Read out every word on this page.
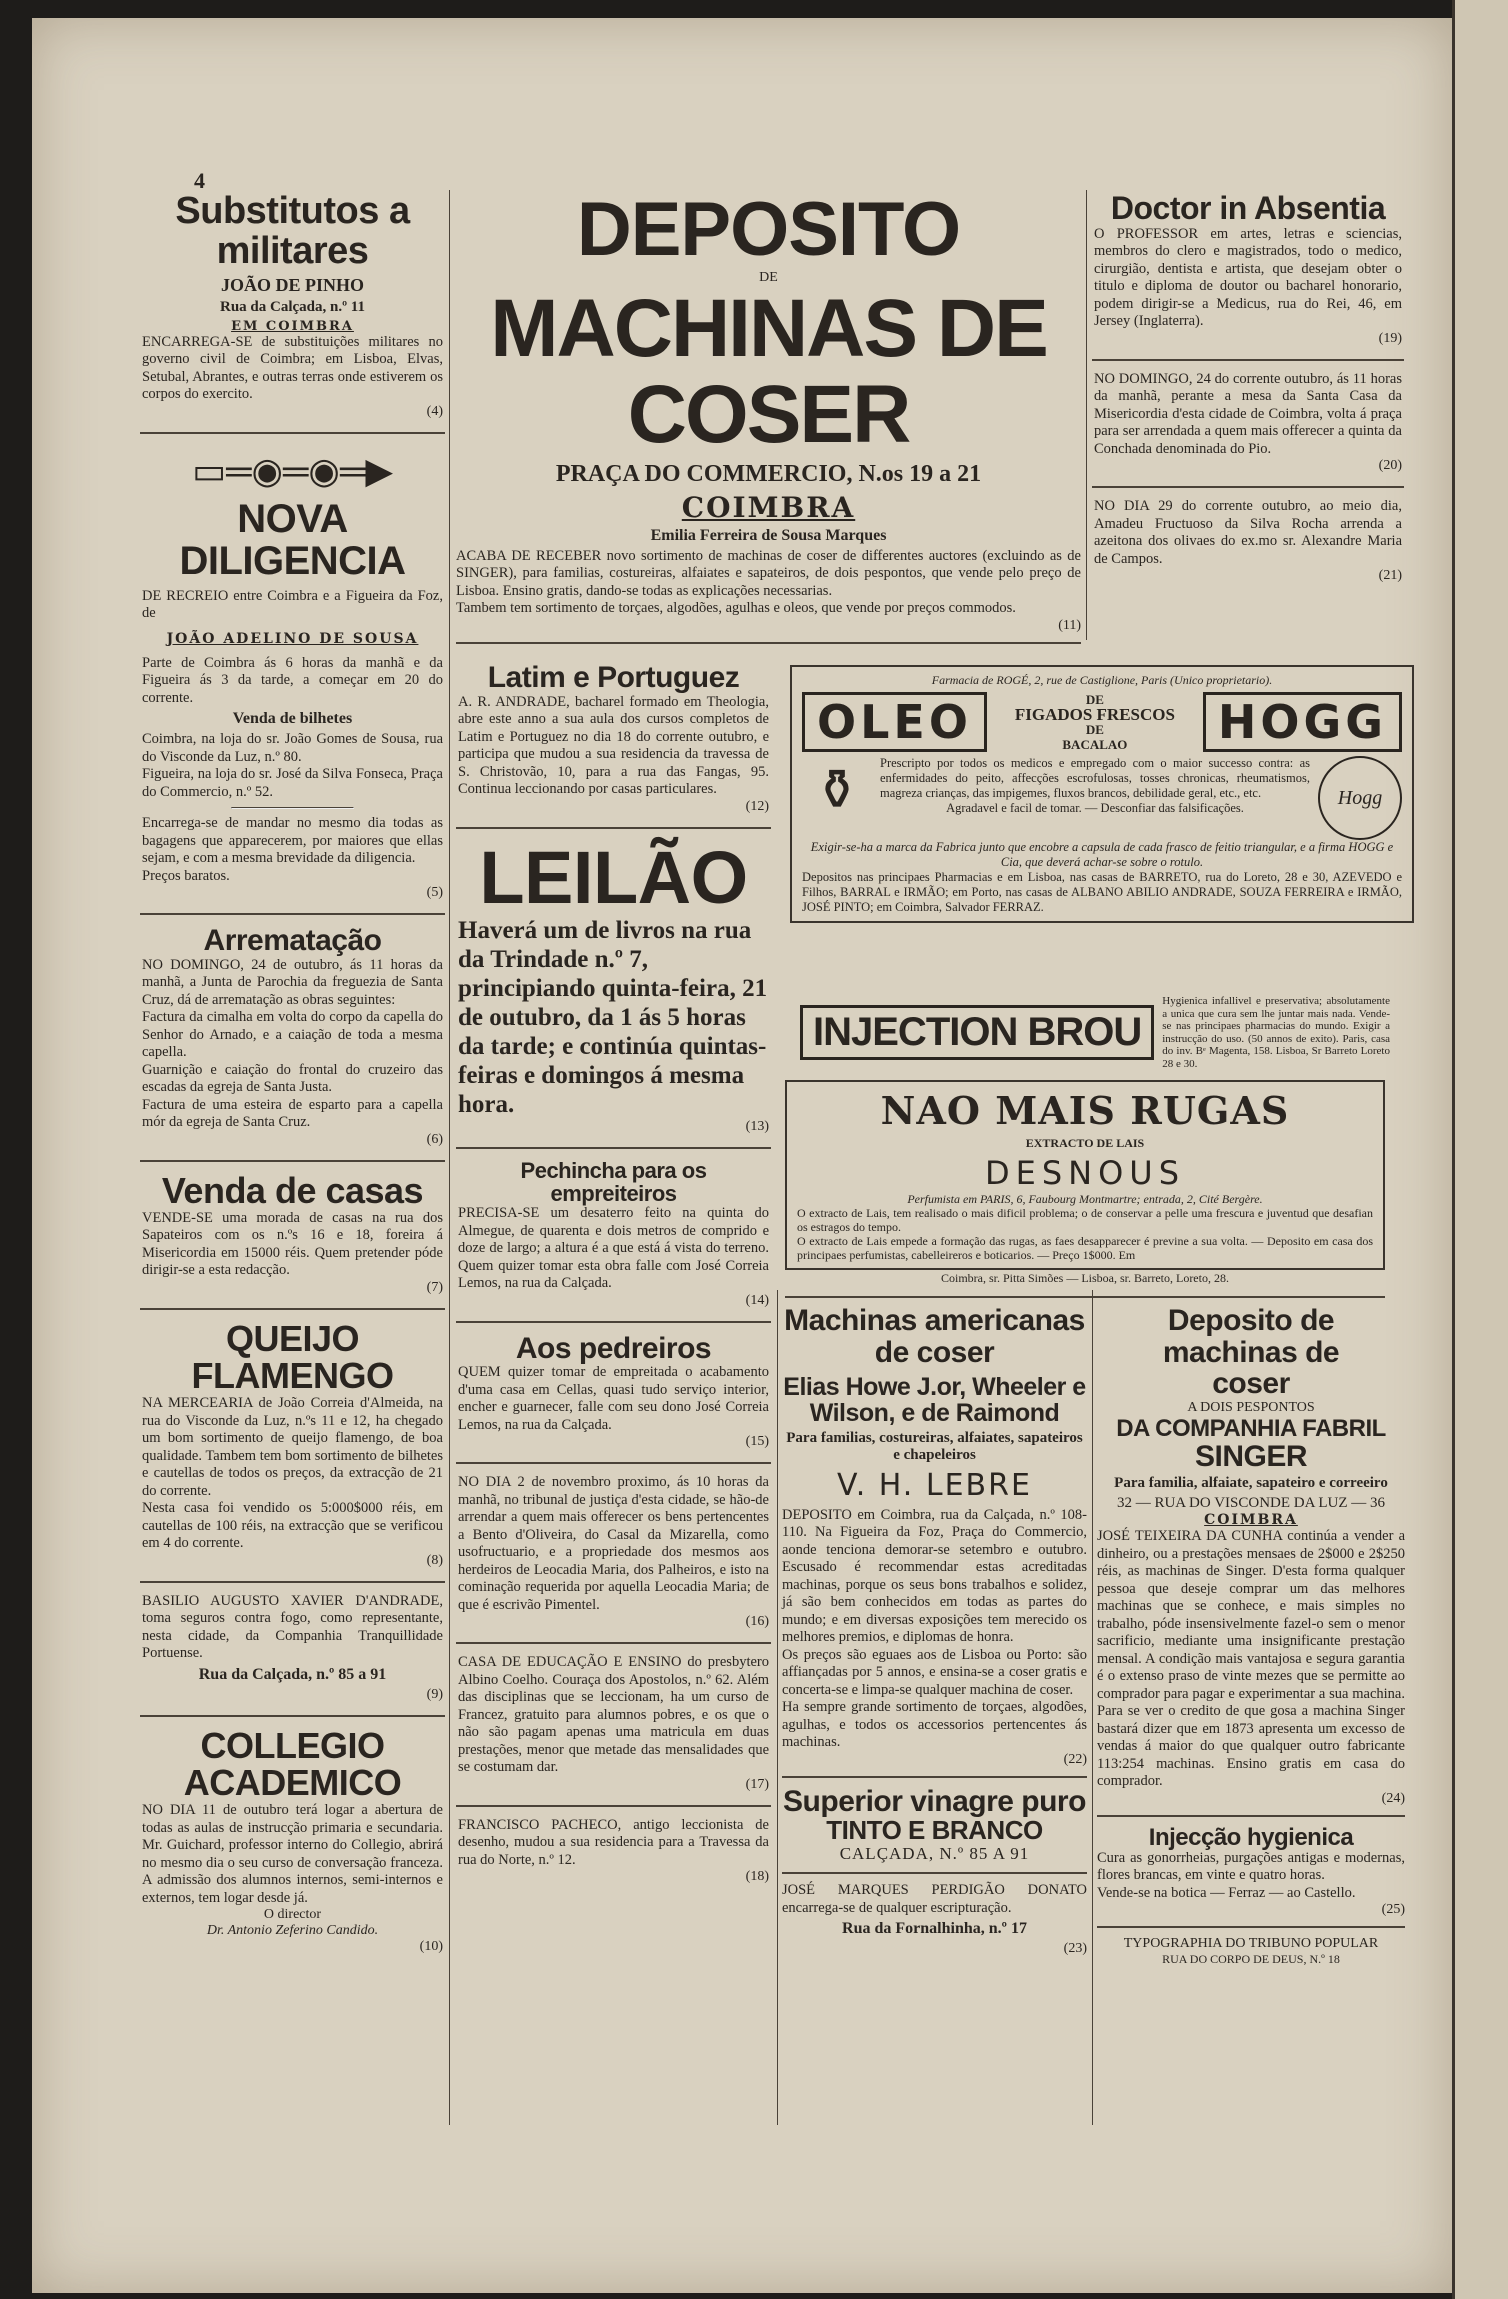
4
Substitutos a militares
JOÃO DE PINHO
Rua da Calçada, n.º 11
EM COIMBRA

ENCARREGA-SE de substituições militares no governo civil de Coimbra; em Lisboa, Elvas, Setubal, Abrantes, e outras terras onde estiverem os corpos do exercito.

(4)
▭═◉═◉═▶
NOVA DILIGENCIA

DE RECREIO entre Coimbra e a Figueira da Foz, de

JOÃO ADELINO DE SOUSA

Parte de Coimbra ás 6 horas da manhã e da Figueira ás 3 da tarde, a começar em 20 do corrente.

Venda de bilhetes

Coimbra, na loja do sr. João Gomes de Sousa, rua do Visconde da Luz, n.º 80.

Figueira, na loja do sr. José da Silva Fonseca, Praça do Commercio, n.º 52.

Encarrega-se de mandar no mesmo dia todas as bagagens que apparecerem, por maiores que ellas sejam, e com a mesma brevidade da diligencia.

Preços baratos.

(5)
Arrematação

NO DOMINGO, 24 de outubro, ás 11 horas da manhã, a Junta de Parochia da freguezia de Santa Cruz, dá de arrematação as obras seguintes:

Factura da cimalha em volta do corpo da capella do Senhor do Arnado, e a caiação de toda a mesma capella.

Guarnição e caiação do frontal do cruzeiro das escadas da egreja de Santa Justa.

Factura de uma esteira de esparto para a capella mór da egreja de Santa Cruz.

(6)
Venda de casas

VENDE-SE uma morada de casas na rua dos Sapateiros com os n.ºs 16 e 18, foreira á Misericordia em 15000 réis. Quem pretender póde dirigir-se a esta redacção.

(7)
QUEIJO FLAMENGO

NA MERCEARIA de João Correia d'Almeida, na rua do Visconde da Luz, n.ºs 11 e 12, ha chegado um bom sortimento de queijo flamengo, de boa qualidade. Tambem tem bom sortimento de bilhetes e cautellas de todos os preços, da extracção de 21 do corrente.

Nesta casa foi vendido os 5:000$000 réis, em cautellas de 100 réis, na extracção que se verificou em 4 do corrente.

(8)

BASILIO AUGUSTO XAVIER D'ANDRADE, toma seguros contra fogo, como representante, nesta cidade, da Companhia Tranquillidade Portuense.

Rua da Calçada, n.º 85 a 91
(9)
COLLEGIO ACADEMICO

NO DIA 11 de outubro terá logar a abertura de todas as aulas de instrucção primaria e secundaria. Mr. Guichard, professor interno do Collegio, abrirá no mesmo dia o seu curso de conversação franceza. A admissão dos alumnos internos, semi-internos e externos, tem logar desde já.

O director
Dr. Antonio Zeferino Candido.
(10)
DEPOSITO
DE
MACHINAS DE COSER
PRAÇA DO COMMERCIO, N.os 19 a 21
COIMBRA
Emilia Ferreira de Sousa Marques

ACABA DE RECEBER novo sortimento de machinas de coser de differentes auctores (excluindo as de SINGER), para familias, costureiras, alfaiates e sapateiros, de dois pespontos, que vende pelo preço de Lisboa. Ensino gratis, dando-se todas as explicações necessarias.

Tambem tem sortimento de torçaes, algodões, agulhas e oleos, que vende por preços commodos.

(11)
Doctor in Absentia

O PROFESSOR em artes, letras e sciencias, membros do clero e magistrados, todo o medico, cirurgião, dentista e artista, que desejam obter o titulo e diploma de doutor ou bacharel honorario, podem dirigir-se a Medicus, rua do Rei, 46, em Jersey (Inglaterra).

(19)

NO DOMINGO, 24 do corrente outubro, ás 11 horas da manhã, perante a mesa da Santa Casa da Misericordia d'esta cidade de Coimbra, volta á praça para ser arrendada a quem mais offerecer a quinta da Conchada denominada do Pio.

(20)

NO DIA 29 do corrente outubro, ao meio dia, Amadeu Fructuoso da Silva Rocha arrenda a azeitona dos olivaes do ex.mo sr. Alexandre Maria de Campos.

(21)
Latim e Portuguez

A. R. ANDRADE, bacharel formado em Theologia, abre este anno a sua aula dos cursos completos de Latim e Portuguez no dia 18 do corrente outubro, e participa que mudou a sua residencia da travessa de S. Christovão, 10, para a rua das Fangas, 95. Continua leccionando por casas particulares.

(12)
LEILÃO

Haverá um de livros na rua da Trindade n.º 7, principiando quinta-feira, 21 de outubro, da 1 ás 5 horas da tarde; e continúa quintas-feiras e domingos á mesma hora.

(13)
Pechincha para os empreiteiros

PRECISA-SE um desaterro feito na quinta do Almegue, de quarenta e dois metros de comprido e doze de largo; a altura é a que está á vista do terreno. Quem quizer tomar esta obra falle com José Correia Lemos, na rua da Calçada.

(14)
Aos pedreiros

QUEM quizer tomar de empreitada o acabamento d'uma casa em Cellas, quasi tudo serviço interior, encher e guarnecer, falle com seu dono José Correia Lemos, na rua da Calçada.

(15)

NO DIA 2 de novembro proximo, ás 10 horas da manhã, no tribunal de justiça d'esta cidade, se hão-de arrendar a quem mais offerecer os bens pertencentes a Bento d'Oliveira, do Casal da Mizarella, como usofructuario, e a propriedade dos mesmos aos herdeiros de Leocadia Maria, dos Palheiros, e isto na cominação requerida por aquella Leocadia Maria; de que é escrivão Pimentel.

(16)

CASA DE EDUCAÇÃO E ENSINO do presbytero Albino Coelho. Couraça dos Apostolos, n.º 62. Além das disciplinas que se leccionam, ha um curso de Francez, gratuito para alumnos pobres, e os que o não são pagam apenas uma matricula em duas prestações, menor que metade das mensalidades que se costumam dar.

(17)

FRANCISCO PACHECO, antigo leccionista de desenho, mudou a sua residencia para a Travessa da rua do Norte, n.º 12.

(18)
Farmacia de ROGÉ, 2, rue de Castiglione, Paris (Unico proprietario).
OLEO	DE
FIGADOS FRESCOS
DE
BACALAO	HOGG
⚱	Prescripto por todos os medicos e empregado com o maior successo contra: as enfermidades do peito, affecções escrofulosas, tosses chronicas, rheumatismos, magreza crianças, das impigemes, fluxos brancos, debilidade geral, etc., etc.

Agradavel e facil de tomar. — Desconfiar das falsificações.	Hogg

Exigir-se-ha a marca da Fabrica junto que encobre a capsula de cada frasco de feitio triangular, e a firma HOGG e Cia, que deverá achar-se sobre o rotulo.

Depositos nas principaes Pharmacias e em Lisboa, nas casas de BARRETO, rua do Loreto, 28 e 30, AZEVEDO e Filhos, BARRAL e IRMÃO; em Porto, nas casas de ALBANO ABILIO ANDRADE, SOUZA FERREIRA e IRMÃO, JOSÉ PINTO; em Coimbra, Salvador FERRAZ.

INJECTION BROU

Hygienica infallivel e preservativa; absolutamente a unica que cura sem lhe juntar mais nada. Vende-se nas principaes pharmacias do mundo. Exigir a instrucção do uso. (50 annos de exito). Paris, casa do inv. Bᵉ Magenta, 158. Lisboa, Sr Barreto Loreto 28 e 30.

NAO MAIS RUGAS
EXTRACTO DE LAIS
DESNOUS

Perfumista em PARIS, 6, Faubourg Montmartre; entrada, 2, Cité Bergère.

O extracto de Lais, tem realisado o mais dificil problema; o de conservar a pelle uma frescura e juventud que desafian os estragos do tempo.

O extracto de Lais empede a formação das rugas, as faes desapparecer é previne a sua volta. — Deposito em casa dos principaes perfumistas, cabelleireros e boticarios. — Preço 1$000. Em

Coimbra, sr. Pitta Simões — Lisboa, sr. Barreto, Loreto, 28.

Machinas americanas de coser
Elias Howe J.or, Wheeler e Wilson, e de Raimond
Para familias, costureiras, alfaiates, sapateiros e chapeleiros
V. H. LEBRE

DEPOSITO em Coimbra, rua da Calçada, n.º 108-110. Na Figueira da Foz, Praça do Commercio, aonde tenciona demorar-se setembro e outubro. Escusado é recommendar estas acreditadas machinas, porque os seus bons trabalhos e solidez, já são bem conhecidos em todas as partes do mundo; e em diversas exposições tem merecido os melhores premios, e diplomas de honra.

Os preços são eguaes aos de Lisboa ou Porto: são affiançadas por 5 annos, e ensina-se a coser gratis e concerta-se e limpa-se qualquer machina de coser.

Ha sempre grande sortimento de torçaes, algodões, agulhas, e todos os accessorios pertencentes ás machinas.

(22)
Superior vinagre puro
TINTO E BRANCO
CALÇADA, N.º 85 A 91

JOSÉ MARQUES PERDIGÃO DONATO encarrega-se de qualquer escripturação.

Rua da Fornalhinha, n.º 17
(23)
Deposito de machinas de
coser
A DOIS PESPONTOS
DA COMPANHIA FABRIL
SINGER
Para familia, alfaiate, sapateiro e correeiro
32 — RUA DO VISCONDE DA LUZ — 36
COIMBRA

JOSÉ TEIXEIRA DA CUNHA continúa a vender a dinheiro, ou a prestações mensaes de 2$000 e 2$250 réis, as machinas de Singer. D'esta forma qualquer pessoa que deseje comprar um das melhores machinas que se conhece, e mais simples no trabalho, póde insensivelmente fazel-o sem o menor sacrificio, mediante uma insignificante prestação mensal. A condição mais vantajosa e segura garantia é o extenso praso de vinte mezes que se permitte ao comprador para pagar e experimentar a sua machina. Para se ver o credito de que gosa a machina Singer bastará dizer que em 1873 apresenta um excesso de vendas á maior do que qualquer outro fabricante 113:254 machinas. Ensino gratis em casa do comprador.

(24)
Injecção hygienica

Cura as gonorrheias, purgações antigas e modernas, flores brancas, em vinte e quatro horas.

Vende-se na botica — Ferraz — ao Castello.

(25)
TYPOGRAPHIA DO TRIBUNO POPULAR
RUA DO CORPO DE DEUS, N.º 18
